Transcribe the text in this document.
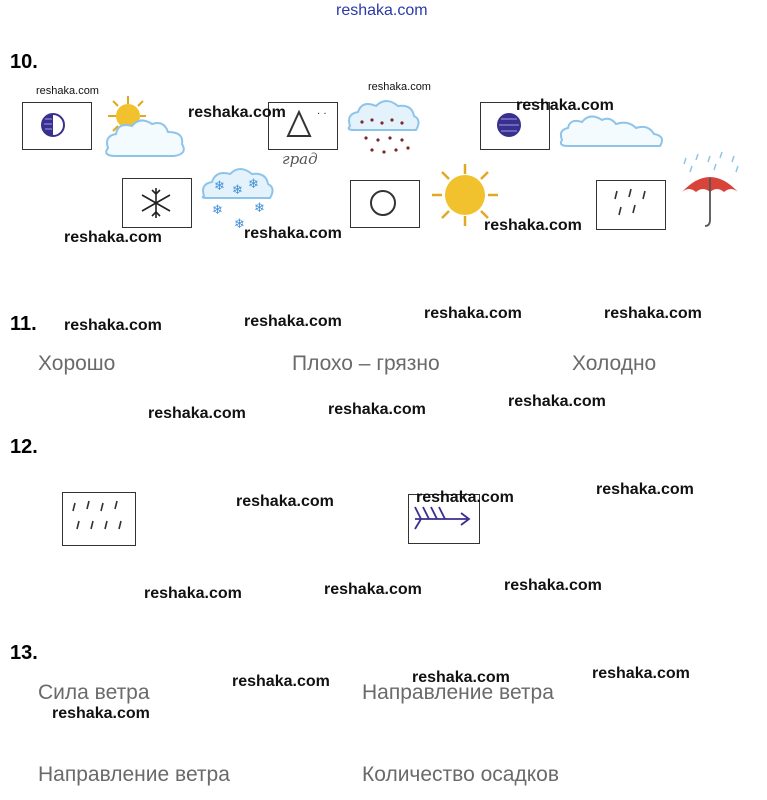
reshaka.com
10.
· ·
град
❄ ❄ ❄
❄ ❄
❄
11.
Хорошо	Плохо – грязно	Холодно
12.
13.
Сила ветра	Направление ветра
Направление ветра	Количество осадков
reshaka.com
reshaka.com
reshaka.com
reshaka.com
reshaka.com	reshaka.com	reshaka.com
reshaka.com	reshaka.com	reshaka.com	reshaka.com
reshaka.com	reshaka.com	reshaka.com
reshaka.com	reshaka.com	reshaka.com
reshaka.com	reshaka.com	reshaka.com
reshaka.com	reshaka.com	reshaka.com
reshaka.com
